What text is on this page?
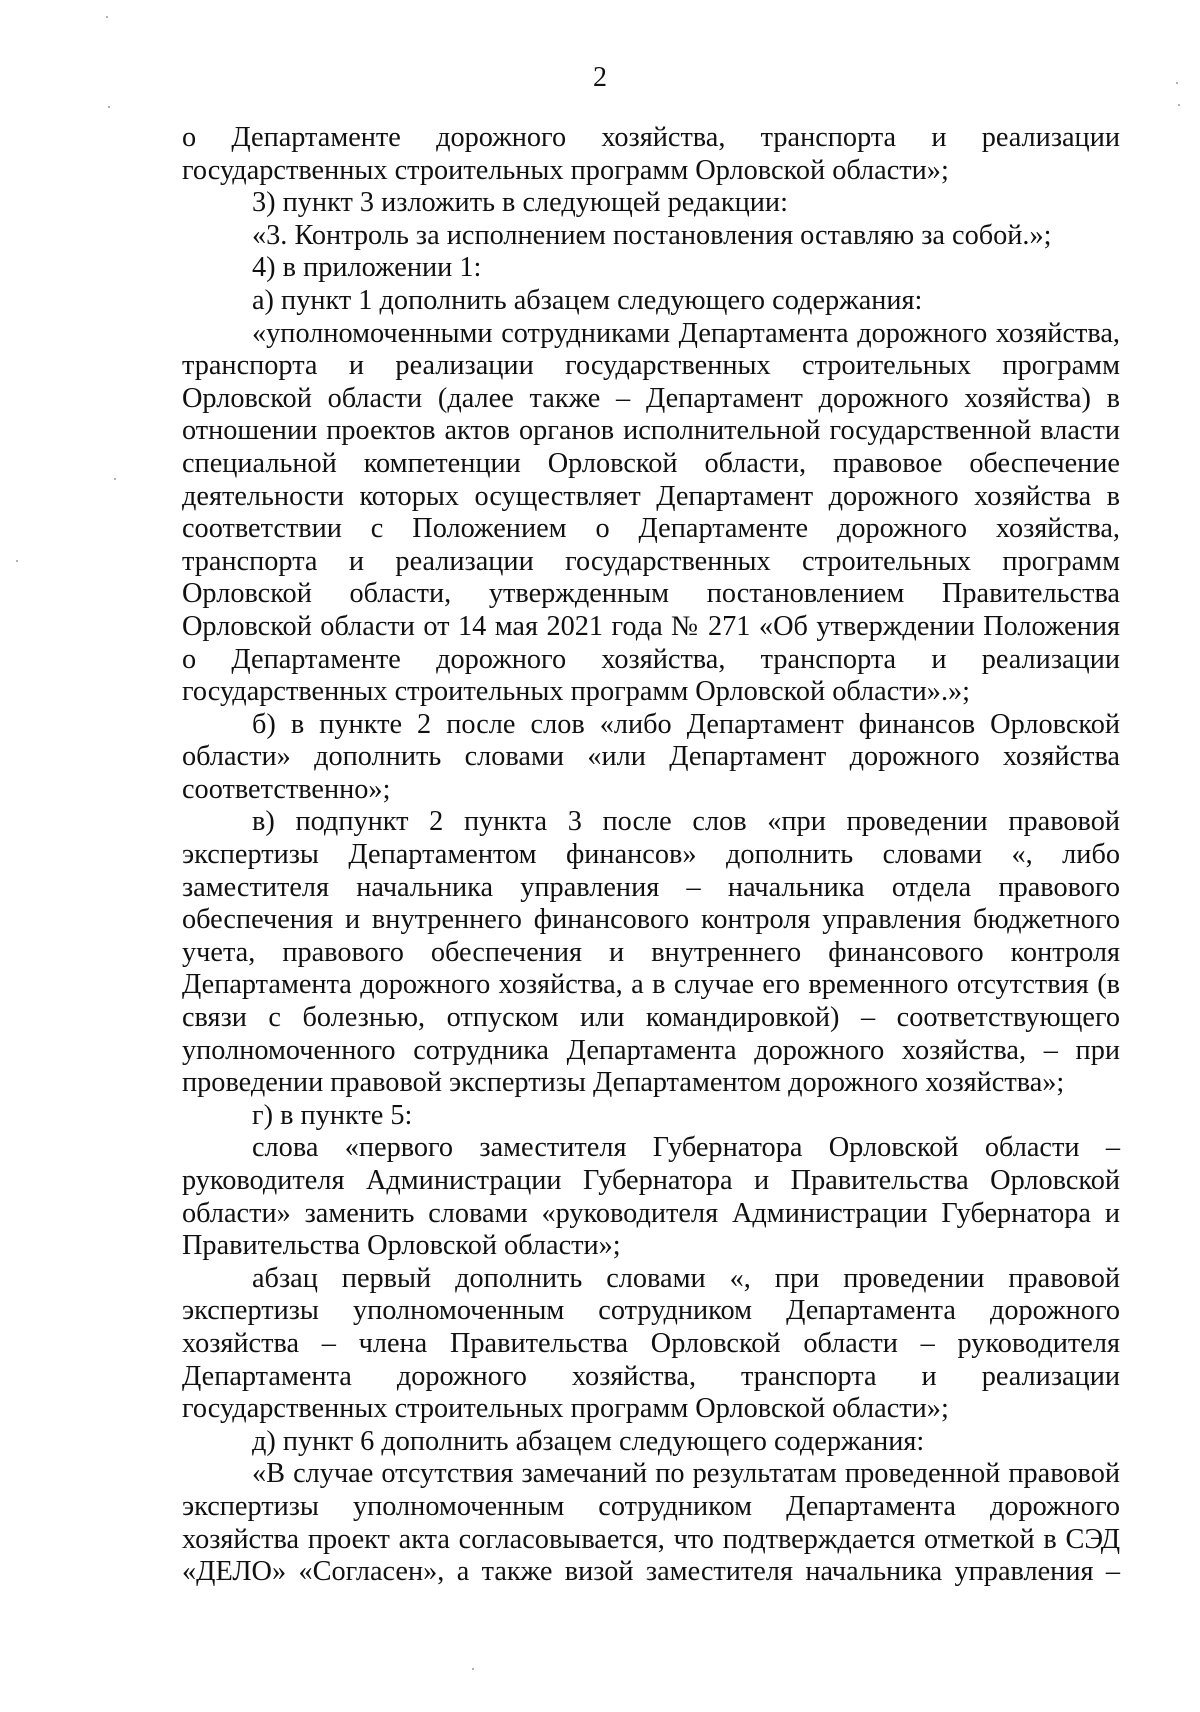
2

о Департаменте дорожного хозяйства, транспорта и реализации государственных строительных программ Орловской области»;

3) пункт 3 изложить в следующей редакции:

«3. Контроль за исполнением постановления оставляю за собой.»;

4) в приложении 1:

а) пункт 1 дополнить абзацем следующего содержания:

«уполномоченными сотрудниками Департамента дорожного хозяйства, транспорта и реализации государственных строительных программ Орловской области (далее также – Департамент дорожного хозяйства) в отношении проектов актов органов исполнительной государственной власти специальной компетенции Орловской области, правовое обеспечение деятельности которых осуществляет Департамент дорожного хозяйства в соответствии с Положением о Департаменте дорожного хозяйства, транспорта и реализации государственных строительных программ Орловской области, утвержденным постановлением Правительства Орловской области от 14 мая 2021 года № 271 «Об утверждении Положения о Департаменте дорожного хозяйства, транспорта и реализации государственных строительных программ Орловской области».»;

б) в пункте 2 после слов «либо Департамент финансов Орловской области» дополнить словами «или Департамент дорожного хозяйства соответственно»;

в) подпункт 2 пункта 3 после слов «при проведении правовой экспертизы Департаментом финансов» дополнить словами «, либо заместителя начальника управления – начальника отдела правового обеспечения и внутреннего финансового контроля управления бюджетного учета, правового обеспечения и внутреннего финансового контроля Департамента дорожного хозяйства, а в случае его временного отсутствия (в связи с болезнью, отпуском или командировкой) – соответствующего уполномоченного сотрудника Департамента дорожного хозяйства, – при проведении правовой экспертизы Департаментом дорожного хозяйства»;

г) в пункте 5:

слова «первого заместителя Губернатора Орловской области – руководителя Администрации Губернатора и Правительства Орловской области» заменить словами «руководителя Администрации Губернатора и Правительства Орловской области»;

абзац первый дополнить словами «, при проведении правовой экспертизы уполномоченным сотрудником Департамента дорожного хозяйства – члена Правительства Орловской области – руководителя Департамента дорожного хозяйства, транспорта и реализации государственных строительных программ Орловской области»;

д) пункт 6 дополнить абзацем следующего содержания:

«В случае отсутствия замечаний по результатам проведенной правовой экспертизы уполномоченным сотрудником Департамента дорожного хозяйства проект акта согласовывается, что подтверждается отметкой в СЭД «ДЕЛО» «Согласен», а также визой заместителя начальника управления –
